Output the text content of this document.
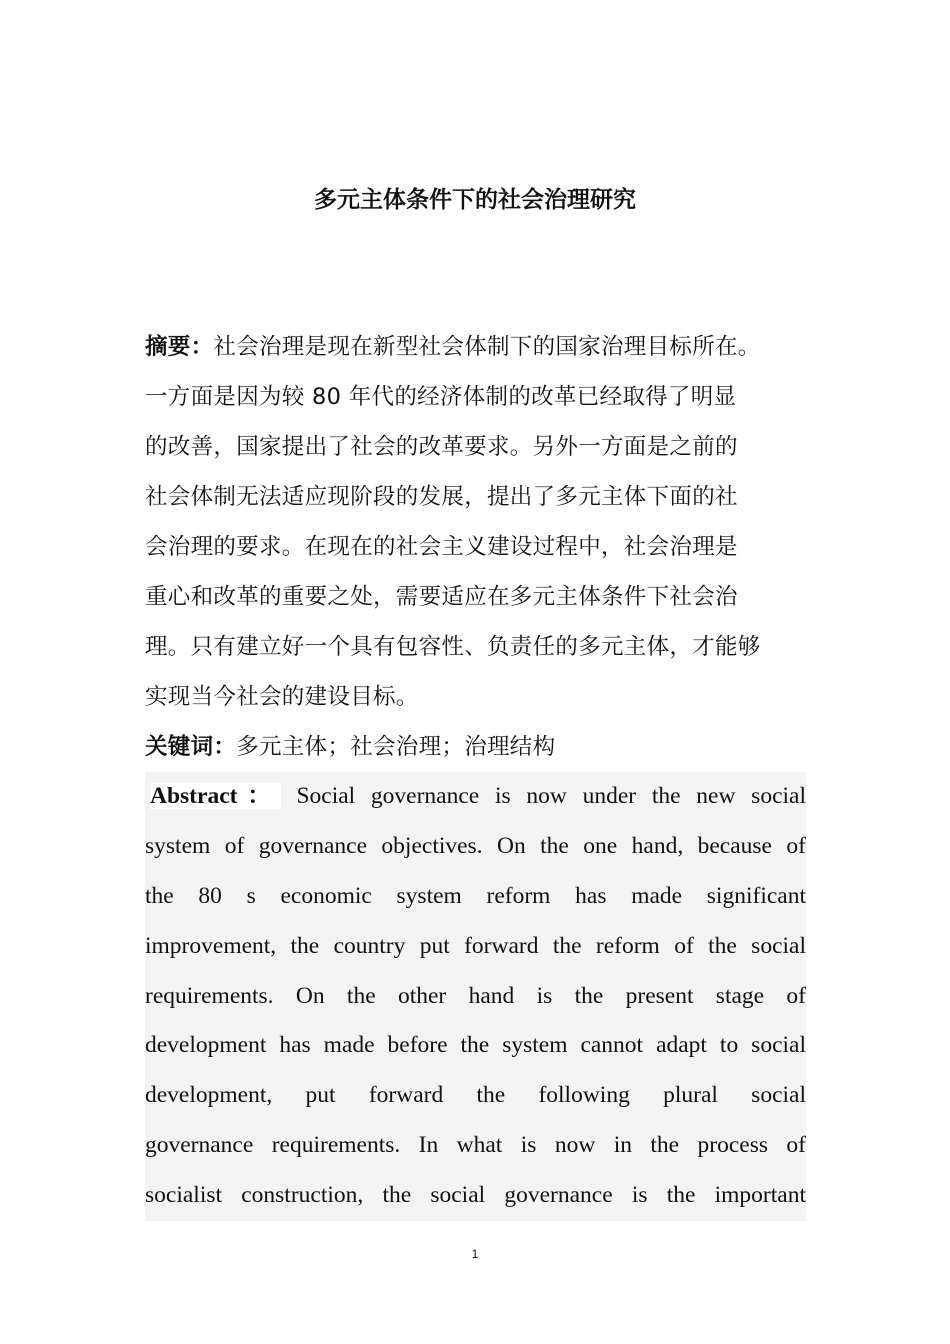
多元主体条件下的社会治理研究
摘要：社会治理是现在新型社会体制下的国家治理目标所在。
一方面是因为较 80 年代的经济体制的改革已经取得了明显
的改善，国家提出了社会的改革要求。另外一方面是之前的
社会体制无法适应现阶段的发展，提出了多元主体下面的社
会治理的要求。在现在的社会主义建设过程中，社会治理是
重心和改革的重要之处，需要适应在多元主体条件下社会治
理。只有建立好一个具有包容性、负责任的多元主体，才能够
实现当今社会的建设目标。
关键词：多元主体；社会治理；治理结构
Abstract： Social governance is now under the new social
system of governance objectives. On the one hand, because of
the 80 s economic system reform has made significant
improvement, the country put forward the reform of the social
requirements. On the other hand is the present stage of
development has made before the system cannot adapt to social
development, put forward the following plural social
governance requirements. In what is now in the process of
socialist construction, the social governance is the important
1
